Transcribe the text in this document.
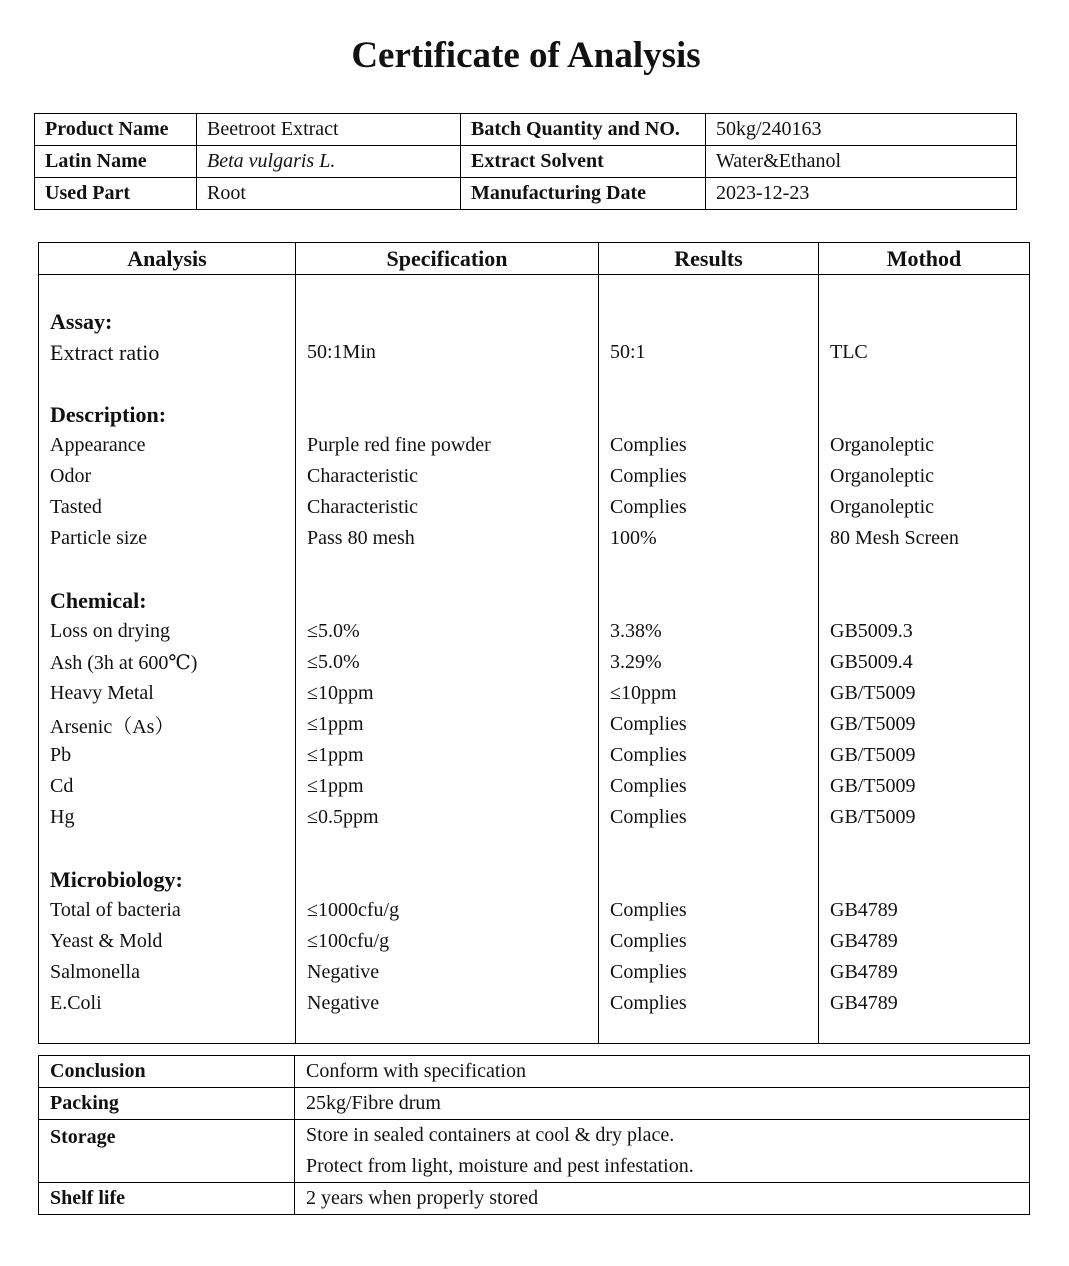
Certificate of Analysis
Product Name	Beetroot Extract	Batch Quantity and NO.	50kg/240163
Latin Name	Beta vulgaris L.	Extract Solvent	Water&Ethanol
Used Part	Root	Manufacturing Date	2023-12-23
Analysis	Specification	Results	Mothod

Assay:			
Extract ratio	50:1Min	50:1	TLC

Description:			
Appearance	Purple red fine powder	Complies	Organoleptic
Odor	Characteristic	Complies	Organoleptic
Tasted	Characteristic	Complies	Organoleptic
Particle size	Pass 80 mesh	100%	80 Mesh Screen

Chemical:			
Loss on drying	≤5.0%	3.38%	GB5009.3
Ash (3h at 600℃)	≤5.0%	3.29%	GB5009.4
Heavy Metal	≤10ppm	≤10ppm	GB/T5009
Arsenic（As）	≤1ppm	Complies	GB/T5009
Pb	≤1ppm	Complies	GB/T5009
Cd	≤1ppm	Complies	GB/T5009
Hg	≤0.5ppm	Complies	GB/T5009

Microbiology:			
Total of bacteria	≤1000cfu/g	Complies	GB4789
Yeast & Mold	≤100cfu/g	Complies	GB4789
Salmonella	Negative	Complies	GB4789
E.Coli	Negative	Complies	GB4789

Conclusion	Conform with specification
Packing	25kg/Fibre drum
Storage	Store in sealed containers at cool & dry place.
Protect from light, moisture and pest infestation.

Shelf life	2 years when properly stored
